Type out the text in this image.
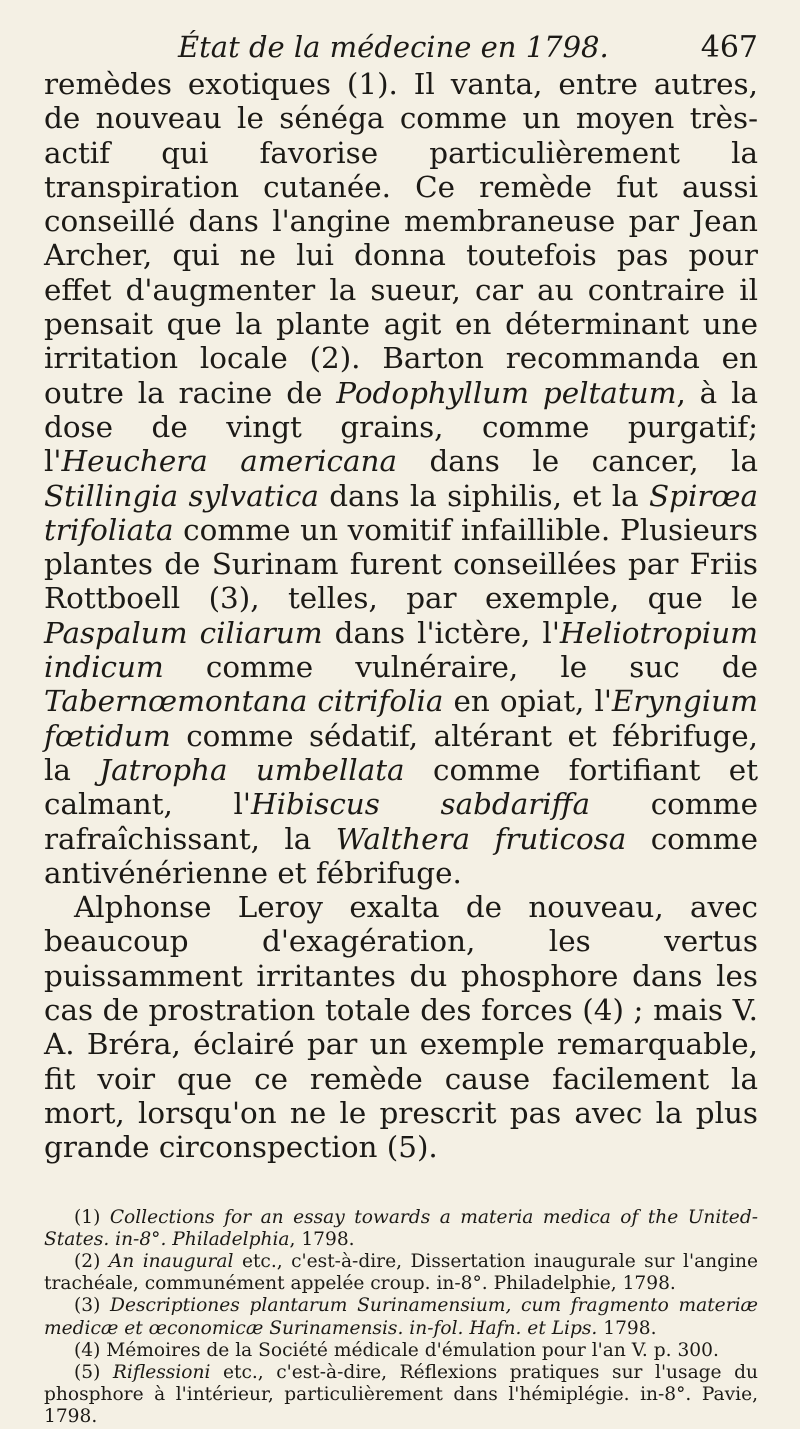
État de la médecine en 1798.	467

remèdes exotiques (1). Il vanta, entre autres, de nouveau le sénéga comme un moyen très-actif qui favorise particulièrement la transpiration cutanée. Ce remède fut aussi conseillé dans l'angine membraneuse par Jean Archer, qui ne lui donna toutefois pas pour effet d'augmenter la sueur, car au contraire il pensait que la plante agit en déterminant une irritation locale (2). Barton recommanda en outre la racine de Podophyllum peltatum, à la dose de vingt grains, comme purgatif; l'Heuchera americana dans le cancer, la Stillingia sylvatica dans la siphilis, et la Spirœa trifoliata comme un vomitif infaillible. Plusieurs plantes de Surinam furent conseillées par Friis Rottboell (3), telles, par exemple, que le Paspalum ciliarum dans l'ictère, l'Heliotropium indicum comme vulnéraire, le suc de Tabernœmontana citrifolia en opiat, l'Eryngium fœtidum comme sédatif, altérant et fébrifuge, la Jatropha umbellata comme fortifiant et calmant, l'Hibiscus sabdariffa comme rafraîchissant, la Walthera fruticosa comme antivénérienne et fébrifuge.

Alphonse Leroy exalta de nouveau, avec beaucoup d'exagération, les vertus puissamment irritantes du phosphore dans les cas de prostration totale des forces (4) ; mais V. A. Bréra, éclairé par un exemple remarquable, fit voir que ce remède cause facilement la mort, lorsqu'on ne le prescrit pas avec la plus grande circonspection (5).

(1) Collections for an essay towards a materia medica of the United-States. in-8°. Philadelphia, 1798.

(2) An inaugural etc., c'est-à-dire, Dissertation inaugurale sur l'angine trachéale, communément appelée croup. in-8°. Philadelphie, 1798.

(3) Descriptiones plantarum Surinamensium, cum fragmento materiæ medicæ et œconomicæ Surinamensis. in-fol. Hafn. et Lips. 1798.

(4) Mémoires de la Société médicale d'émulation pour l'an V. p. 300.

(5) Riflessioni etc., c'est-à-dire, Réflexions pratiques sur l'usage du phosphore à l'intérieur, particulièrement dans l'hémiplégie. in-8°. Pavie, 1798.
